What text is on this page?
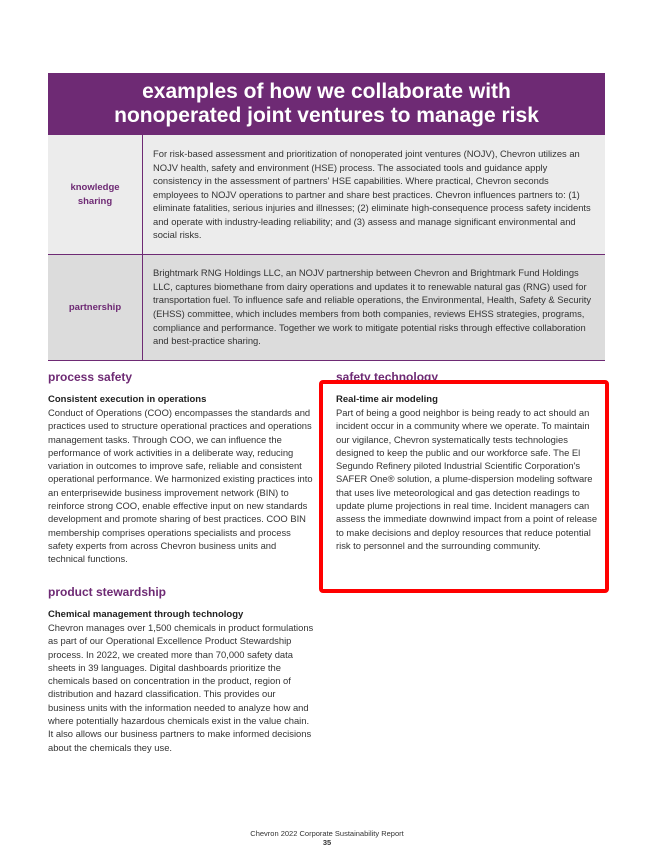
examples of how we collaborate with
nonoperated joint ventures to manage risk
knowledge
sharing	For risk-based assessment and prioritization of nonoperated joint ventures (NOJV), Chevron utilizes an NOJV health, safety and environment (HSE) process. The associated tools and guidance apply consistency in the assessment of partners' HSE capabilities. Where practical, Chevron seconds employees to NOJV operations to partner and share best practices. Chevron influences partners to: (1) eliminate fatalities, serious injuries and illnesses; (2) eliminate high-consequence process safety incidents and operate with industry-leading reliability; and (3) assess and manage significant environmental and social risks.
partnership	Brightmark RNG Holdings LLC, an NOJV partnership between Chevron and Brightmark Fund Holdings LLC, captures biomethane from dairy operations and updates it to renewable natural gas (RNG) used for transportation fuel. To influence safe and reliable operations, the Environmental, Health, Safety & Security (EHSS) committee, which includes members from both companies, reviews EHSS strategies, programs, compliance and performance. Together we work to mitigate potential risks through effective collaboration and best-practice sharing.
process safety
Consistent execution in operations

Conduct of Operations (COO) encompasses the standards and practices used to structure operational practices and operations management tasks. Through COO, we can influence the performance of work activities in a deliberate way, reducing variation in outcomes to improve safe, reliable and consistent operational performance. We harmonized existing practices into an enterprisewide business improvement network (BIN) to reinforce strong COO, enable effective input on new standards development and promote sharing of best practices. COO BIN membership comprises operations specialists and process safety experts from across Chevron business units and technical functions.

product stewardship
Chemical management through technology

Chevron manages over 1,500 chemicals in product formulations as part of our Operational Excellence Product Stewardship process. In 2022, we created more than 70,000 safety data sheets in 39 languages. Digital dashboards prioritize the chemicals based on concentration in the product, region of distribution and hazard classification. This provides our business units with the information needed to analyze how and where potentially hazardous chemicals exist in the value chain. It also allows our business partners to make informed decisions about the chemicals they use.

safety technology
Real-time air modeling

Part of being a good neighbor is being ready to act should an incident occur in a community where we operate. To maintain our vigilance, Chevron systematically tests technologies designed to keep the public and our workforce safe. The El Segundo Refinery piloted Industrial Scientific Corporation's SAFER One® solution, a plume-dispersion modeling software that uses live meteorological and gas detection readings to update plume projections in real time. Incident managers can assess the immediate downwind impact from a point of release to make decisions and deploy resources that reduce potential risk to personnel and the surrounding community.

Chevron 2022 Corporate Sustainability Report
35
